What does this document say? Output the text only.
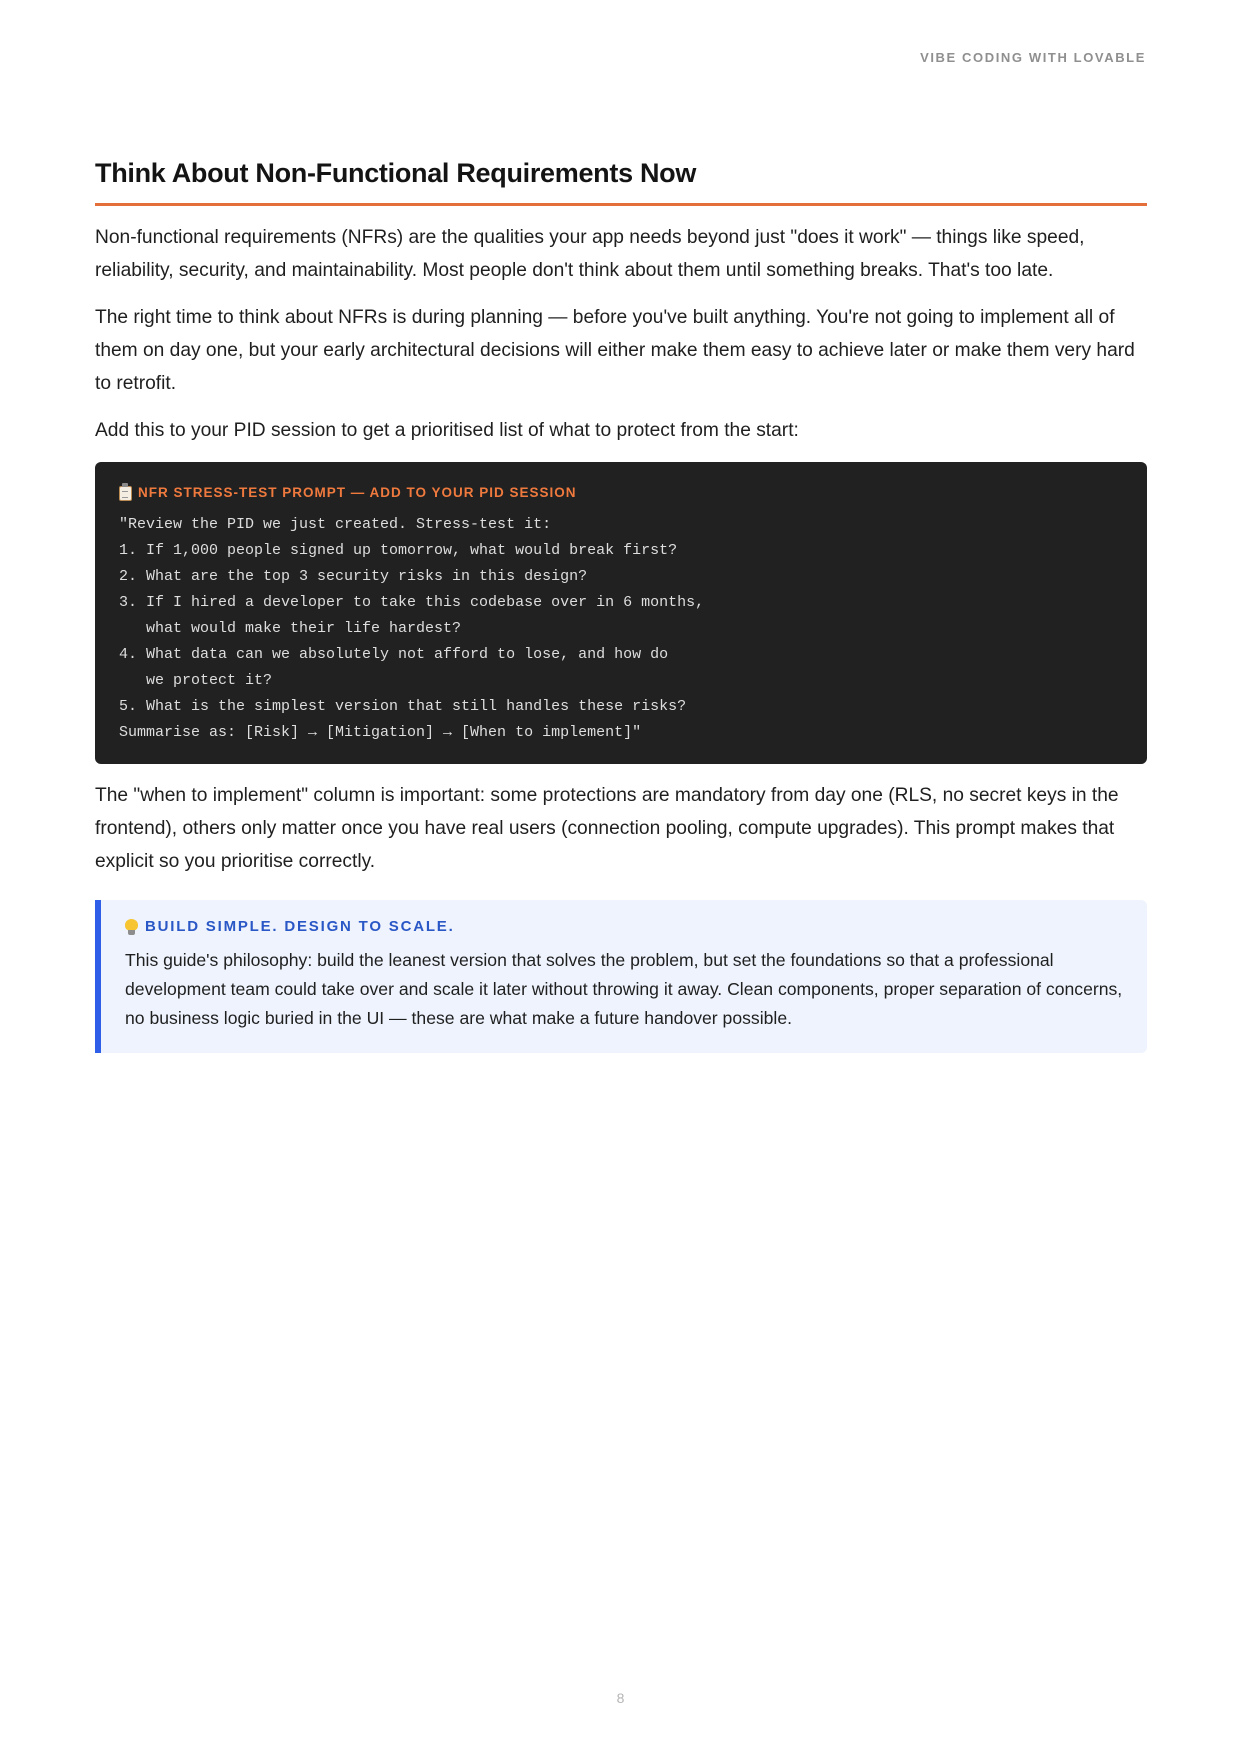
VIBE CODING WITH LOVABLE
Think About Non-Functional Requirements Now

Non-functional requirements (NFRs) are the qualities your app needs beyond just "does it work" — things like speed, reliability, security, and maintainability. Most people don't think about them until something breaks. That's too late.

The right time to think about NFRs is during planning — before you've built anything. You're not going to implement all of them on day one, but your early architectural decisions will either make them easy to achieve later or make them very hard to retrofit.

Add this to your PID session to get a prioritised list of what to protect from the start:

NFR STRESS-TEST PROMPT — ADD TO YOUR PID SESSION
"Review the PID we just created. Stress-test it:
1. If 1,000 people signed up tomorrow, what would break first?
2. What are the top 3 security risks in this design?
3. If I hired a developer to take this codebase over in 6 months,
what would make their life hardest?
4. What data can we absolutely not afford to lose, and how do
we protect it?
5. What is the simplest version that still handles these risks?
Summarise as: [Risk] → [Mitigation] → [When to implement]"

The "when to implement" column is important: some protections are mandatory from day one (RLS, no secret keys in the frontend), others only matter once you have real users (connection pooling, compute upgrades). This prompt makes that explicit so you prioritise correctly.

BUILD SIMPLE. DESIGN TO SCALE.

This guide's philosophy: build the leanest version that solves the problem, but set the foundations so that a professional development team could take over and scale it later without throwing it away. Clean components, proper separation of concerns, no business logic buried in the UI — these are what make a future handover possible.

8
